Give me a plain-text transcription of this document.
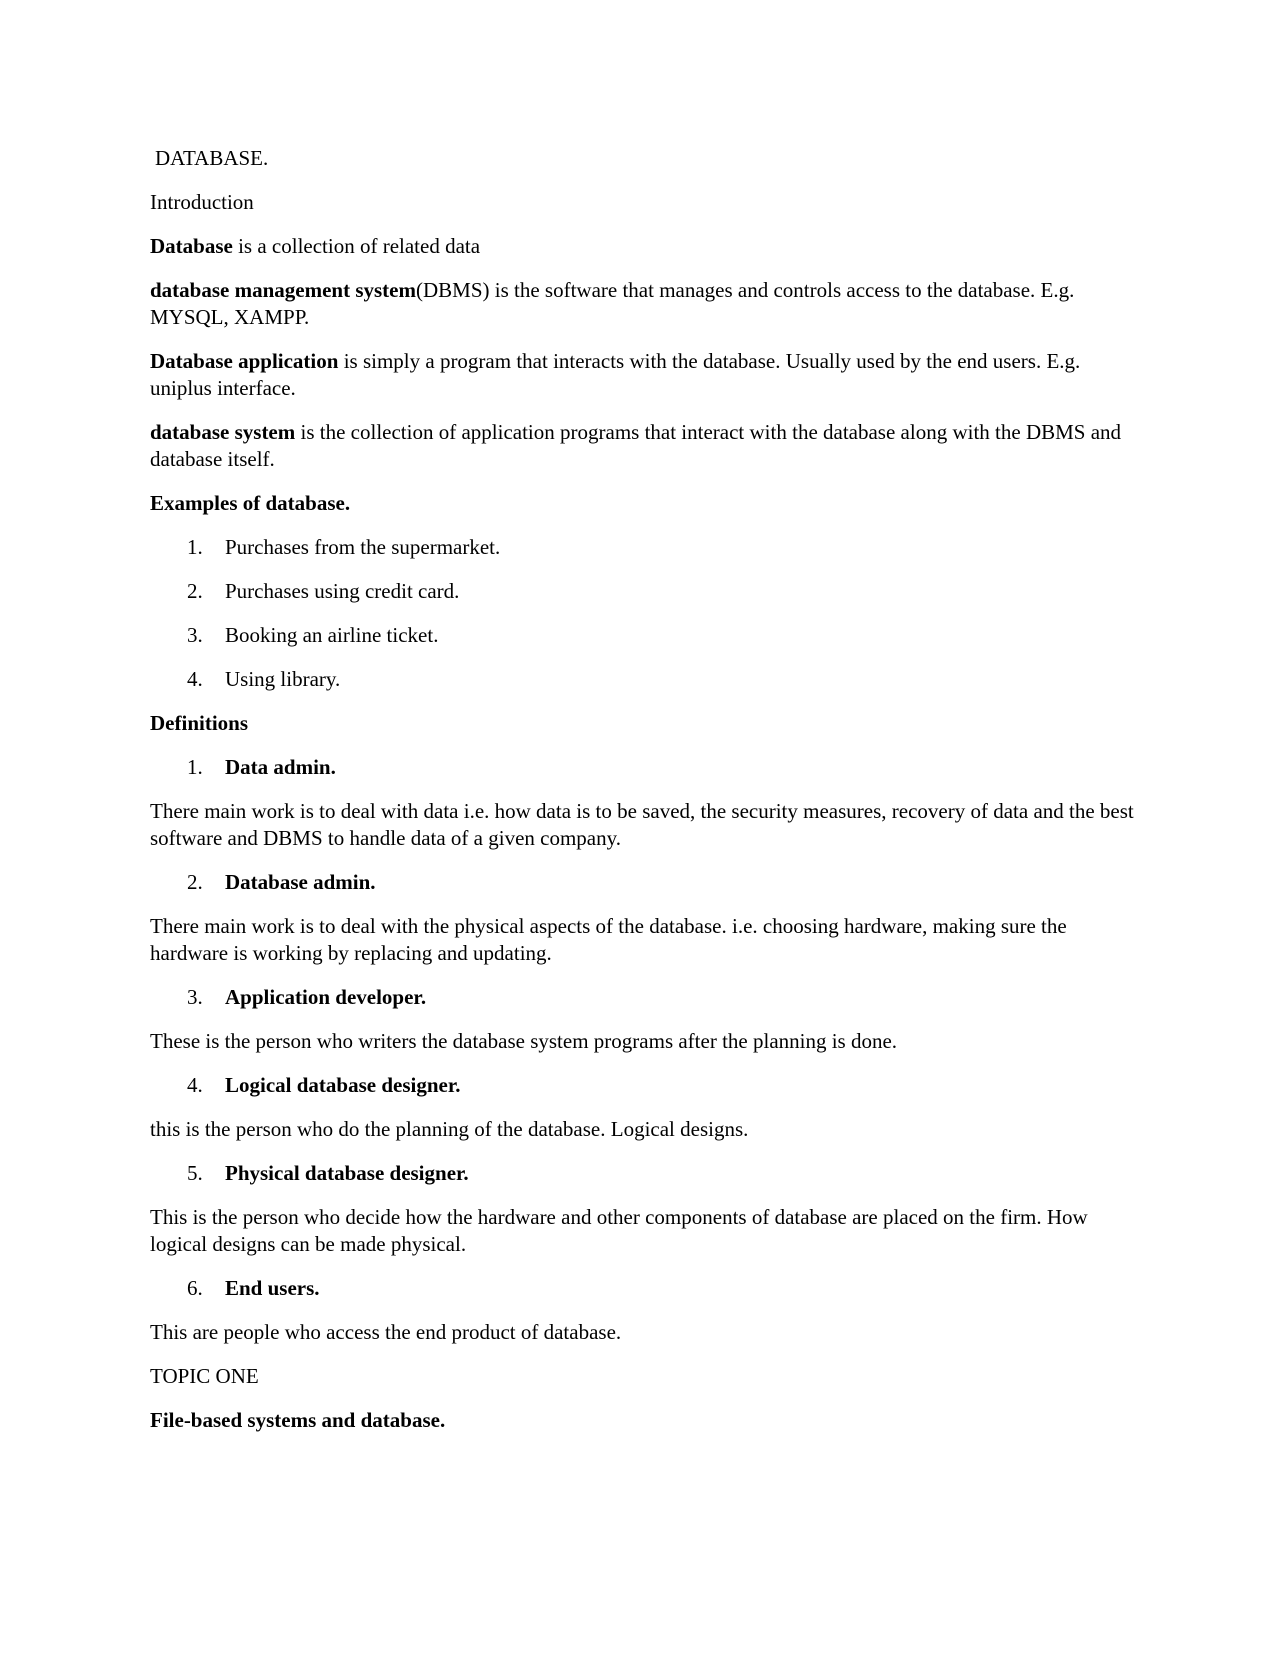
DATABASE.

Introduction

Database is a collection of related data

database management system(DBMS) is the software that manages and controls access to the database. E.g. MYSQL, XAMPP.

Database application is simply a program that interacts with the database. Usually used by the end users. E.g. uniplus interface.

database system is the collection of application programs that interact with the database along with the DBMS and database itself.

Examples of database.

1. Purchases from the supermarket.
2. Purchases using credit card.
3. Booking an airline ticket.
4. Using library.

Definitions

1. Data admin.

There main work is to deal with data i.e. how data is to be saved, the security measures, recovery of data and the best software and DBMS to handle data of a given company.

2. Database admin.

There main work is to deal with the physical aspects of the database. i.e. choosing hardware, making sure the hardware is working by replacing and updating.

3. Application developer.

These is the person who writers the database system programs after the planning is done.

4. Logical database designer.

this is the person who do the planning of the database. Logical designs.

5. Physical database designer.

This is the person who decide how the hardware and other components of database are placed on the firm. How logical designs can be made physical.

6. End users.

This are people who access the end product of database.

TOPIC ONE

File-based systems and database.
